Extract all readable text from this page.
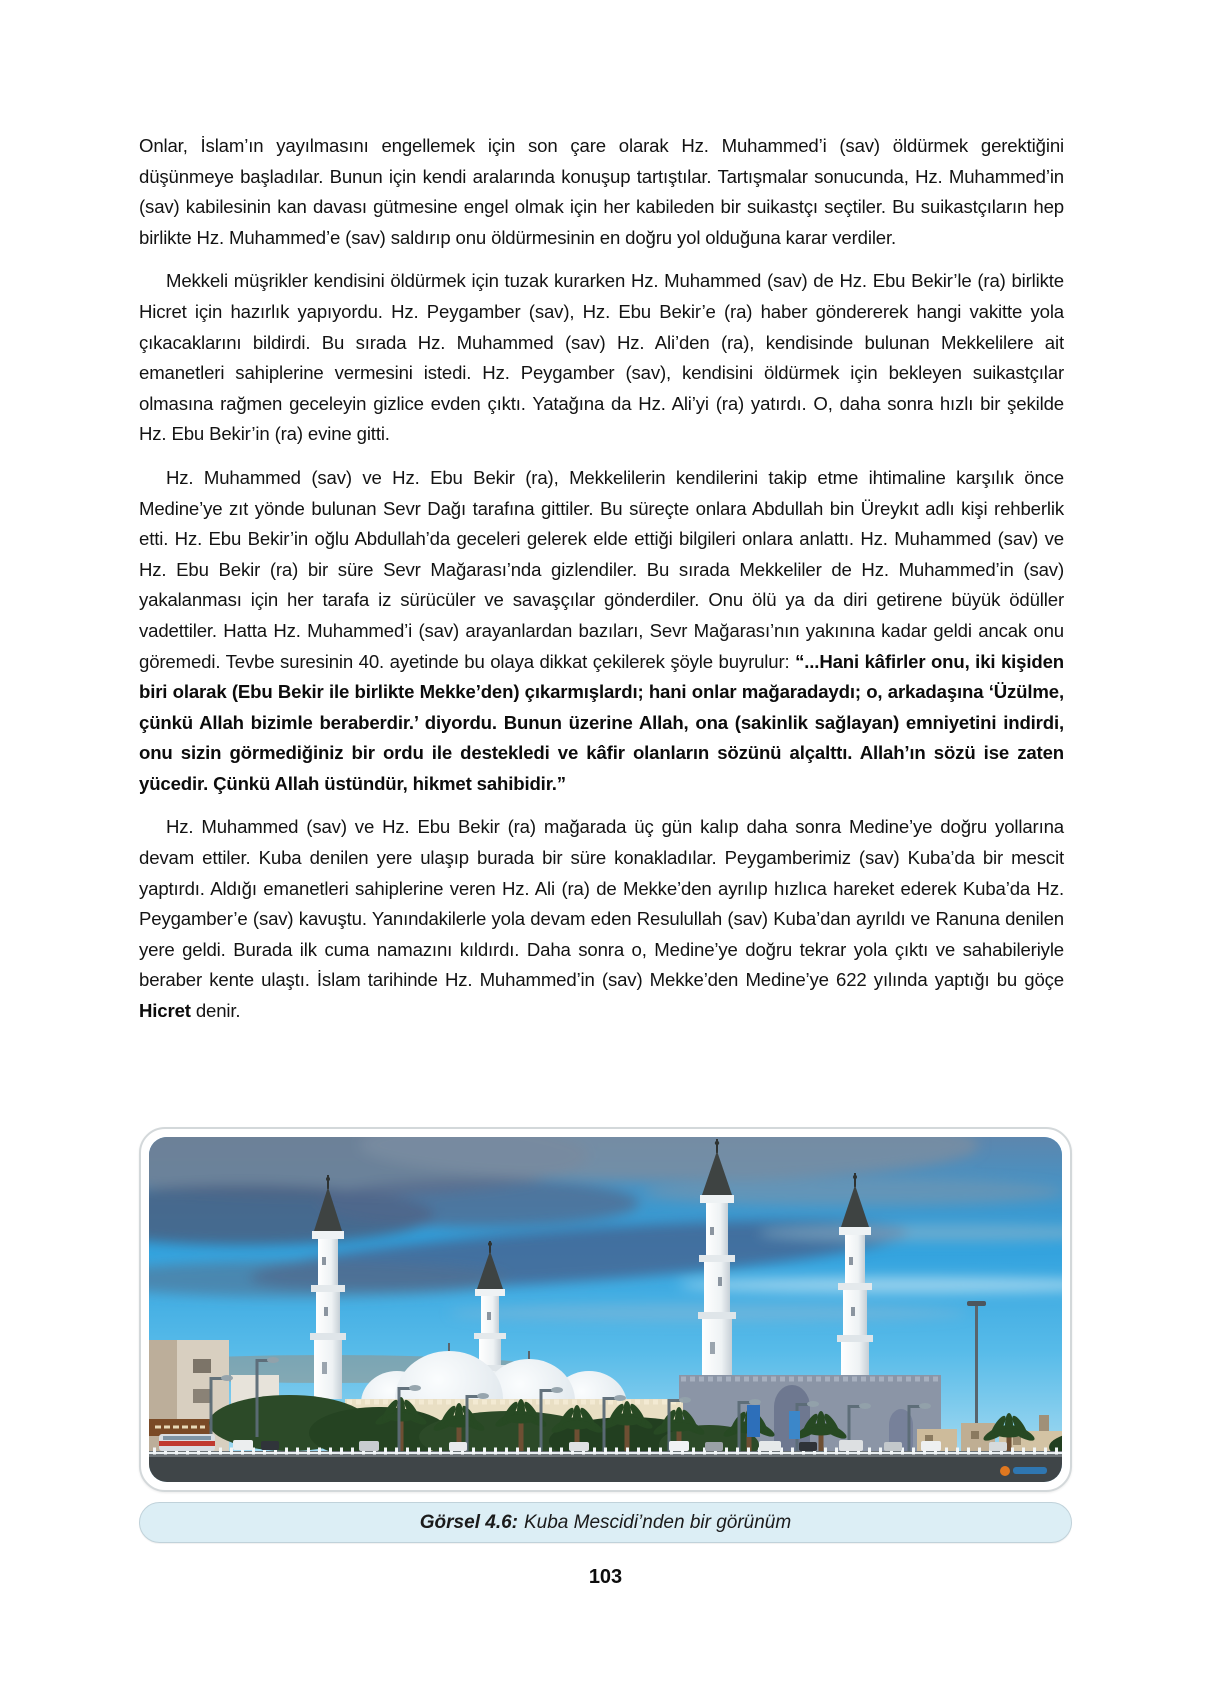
Onlar, İslam’ın yayılmasını engellemek için son çare olarak Hz. Muhammed’i (sav) öldürmek gerektiğini düşünmeye başladılar. Bunun için kendi aralarında konuşup tartıştılar. Tartışmalar sonucunda, Hz. Muhammed’in (sav) kabilesinin kan davası gütmesine engel olmak için her kabileden bir suikastçı seçtiler. Bu suikastçıların hep birlikte Hz. Muhammed’e (sav) saldırıp onu öldürmesinin en doğru yol olduğuna karar verdiler.

Mekkeli müşrikler kendisini öldürmek için tuzak kurarken Hz. Muhammed (sav) de Hz. Ebu Bekir’le (ra) birlikte Hicret için hazırlık yapıyordu. Hz. Peygamber (sav), Hz. Ebu Bekir’e (ra) haber göndererek hangi vakitte yola çıkacaklarını bildirdi. Bu sırada Hz. Muhammed (sav) Hz. Ali’den (ra), kendisinde bulunan Mekkelilere ait emanetleri sahiplerine vermesini istedi. Hz. Peygamber (sav), kendisini öldürmek için bekleyen suikastçılar olmasına rağmen geceleyin gizlice evden çıktı. Yatağına da Hz. Ali’yi (ra) yatırdı. O, daha sonra hızlı bir şekilde Hz. Ebu Bekir’in (ra) evine gitti.

Hz. Muhammed (sav) ve Hz. Ebu Bekir (ra), Mekkelilerin kendilerini takip etme ihtimaline karşılık önce Medine’ye zıt yönde bulunan Sevr Dağı tarafına gittiler. Bu süreçte onlara Abdullah bin Üreykıt adlı kişi rehberlik etti. Hz. Ebu Bekir’in oğlu Abdullah’da geceleri gelerek elde ettiği bilgileri onlara anlattı. Hz. Muhammed (sav) ve Hz. Ebu Bekir (ra) bir süre Sevr Mağarası’nda gizlendiler. Bu sırada Mekkeliler de Hz. Muhammed’in (sav) yakalanması için her tarafa iz sürücüler ve savaşçılar gönderdiler. Onu ölü ya da diri getirene büyük ödüller vadettiler. Hatta Hz. Muhammed’i (sav) arayanlardan bazıları, Sevr Mağarası’nın yakınına kadar geldi ancak onu göremedi. Tevbe suresinin 40. ayetinde bu olaya dikkat çekilerek şöyle buyrulur: “...Hani kâfirler onu, iki kişiden biri olarak (Ebu Bekir ile birlikte Mekke’den) çıkarmışlardı; hani onlar mağaradaydı; o, arkadaşına ‘Üzülme, çünkü Allah bizimle beraberdir.’ diyordu. Bunun üzerine Allah, ona (sakinlik sağlayan) emniyetini indirdi, onu sizin görmediğiniz bir ordu ile destekledi ve kâfir olanların sözünü alçalttı. Allah’ın sözü ise zaten yücedir. Çünkü Allah üstündür, hikmet sahibidir.”

Hz. Muhammed (sav) ve Hz. Ebu Bekir (ra) mağarada üç gün kalıp daha sonra Medine’ye doğru yollarına devam ettiler. Kuba denilen yere ulaşıp burada bir süre konakladılar. Peygamberimiz (sav) Kuba’da bir mescit yaptırdı. Aldığı emanetleri sahiplerine veren Hz. Ali (ra) de Mekke’den ayrılıp hızlıca hareket ederek Kuba’da Hz. Peygamber’e (sav) kavuştu. Yanındakilerle yola devam eden Resulullah (sav) Kuba’dan ayrıldı ve Ranuna denilen yere geldi. Burada ilk cuma namazını kıldırdı. Daha sonra o, Medine’ye doğru tekrar yola çıktı ve sahabileriyle beraber kente ulaştı. İslam tarihinde Hz. Muhammed’in (sav) Mekke’den Medine’ye 622 yılında yaptığı bu göçe Hicret denir.

Görsel 4.6: Kuba Mescidi’nden bir görünüm
103
